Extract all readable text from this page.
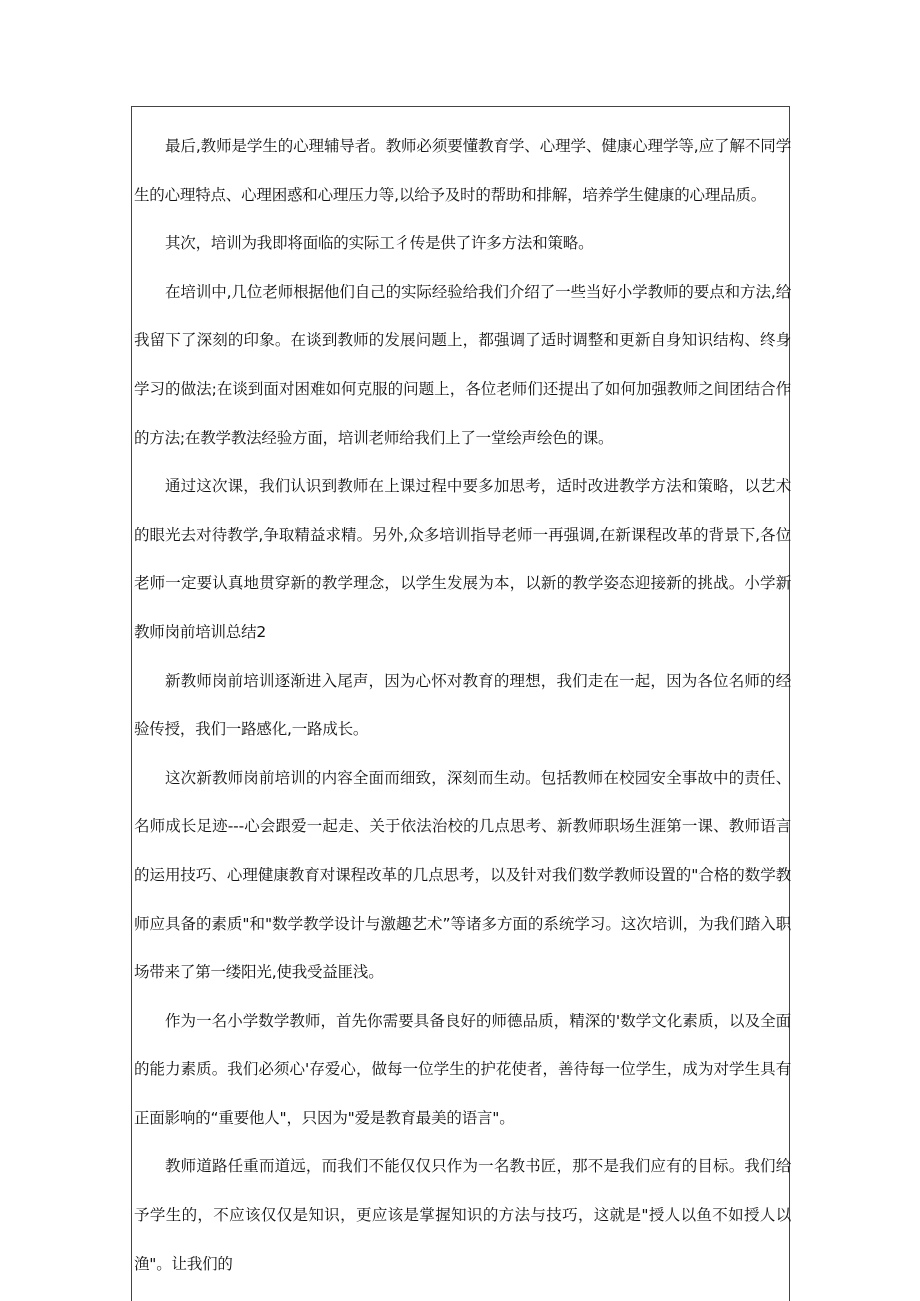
最后,教师是学生的心理辅导者。教师必须要懂教育学、心理学、健康心理学等,应了解不同学生的心理特点、心理困惑和心理压力等,以给予及时的帮助和排解，培养学生健康的心理品质。

其次，培训为我即将面临的实际工彳传是供了许多方法和策略。

在培训中,几位老师根据他们自己的实际经验给我们介绍了一些当好小学教师的要点和方法,给我留下了深刻的印象。在谈到教师的发展问题上，都强调了适时调整和更新自身知识结构、终身学习的做法;在谈到面对困难如何克服的问题上，各位老师们还提出了如何加强教师之间团结合作的方法;在教学教法经验方面，培训老师给我们上了一堂绘声绘色的课。

通过这次课，我们认识到教师在上课过程中要多加思考，适时改进教学方法和策略，以艺术的眼光去对待教学,争取精益求精。另外,众多培训指导老师一再强调,在新课程改革的背景下,各位老师一定要认真地贯穿新的教学理念，以学生发展为本，以新的教学姿态迎接新的挑战。小学新教师岗前培训总结2

新教师岗前培训逐渐进入尾声，因为心怀对教育的理想，我们走在一起，因为各位名师的经验传授，我们一路感化,一路成长。

这次新教师岗前培训的内容全面而细致，深刻而生动。包括教师在校园安全事故中的责任、名师成长足迹---心会跟爱一起走、关于依法治校的几点思考、新教师职场生涯第一课、教师语言的运用技巧、心理健康教育对课程改革的几点思考，以及针对我们数学教师设置的"合格的数学教师应具备的素质"和"数学教学设计与激趣艺术”等诸多方面的系统学习。这次培训，为我们踏入职场带来了第一缕阳光,使我受益匪浅。

作为一名小学数学教师，首先你需要具备良好的师德品质，精深的'数学文化素质，以及全面的能力素质。我们必须心'存爱心，做每一位学生的护花使者，善待每一位学生，成为对学生具有正面影响的“重要他人"，只因为"爱是教育最美的语言"。

教师道路任重而道远，而我们不能仅仅只作为一名教书匠，那不是我们应有的目标。我们给予学生的，不应该仅仅是知识，更应该是掌握知识的方法与技巧，这就是"授人以鱼不如授人以渔"。让我们的
